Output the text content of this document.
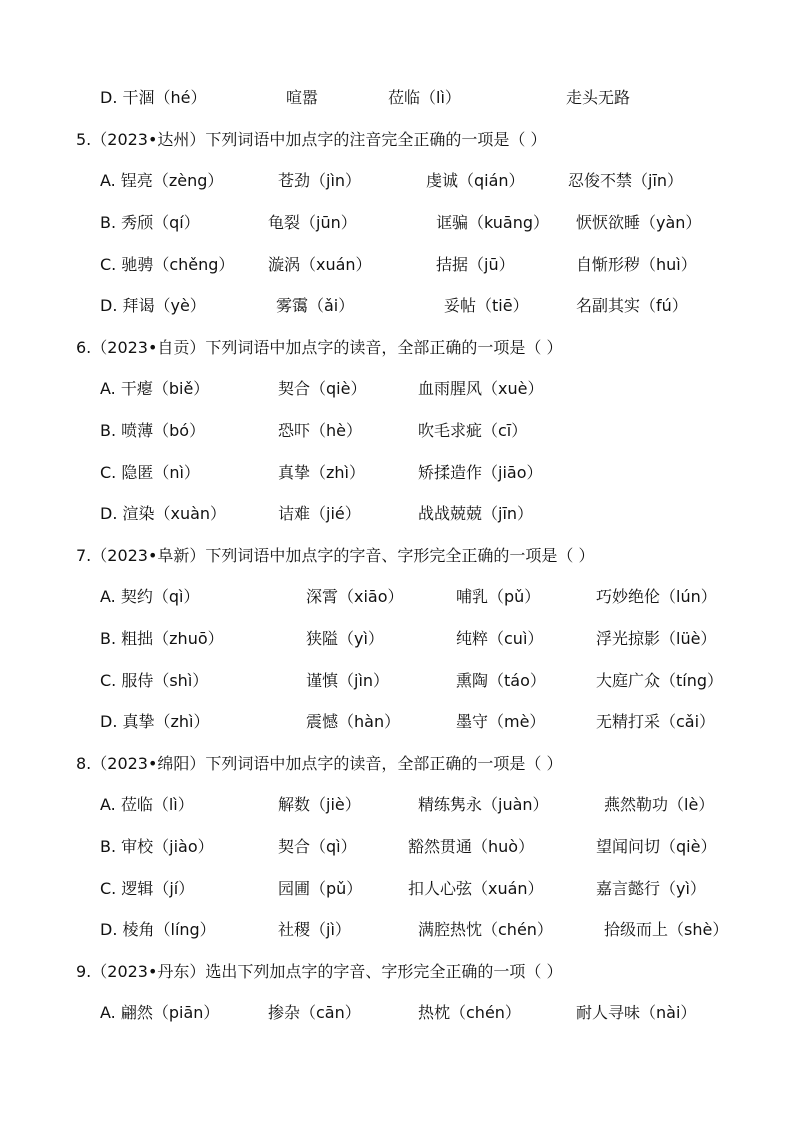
D. 干涸（hé）	喧嚣	莅临（lì）	走头无路
5.（2023•达州）下列词语中加点字的注音完全正确的一项是（ ）
A. 锃亮（zèng）	苍劲（jìn）	虔诚（qián）	忍俊不禁（jīn）
B. 秀颀（qí）	龟裂（jūn）	诓骗（kuāng） 恹恹欲睡（yàn）
C. 驰骋（chěng） 漩涡（xuán）	拮据（jū）	自惭形秽（huì）
D. 拜谒（yè）	雾霭（ǎi）	妥帖（tiē）	名副其实（fú）
6.（2023•自贡）下列词语中加点字的读音，全部正确的一项是（ ）
A. 干瘪（biě）	契合（qiè）	血雨腥风（xuè）
B. 喷薄（bó）	恐吓（hè）	吹毛求疵（cī）
C. 隐匿（nì）	真挚（zhì）	矫揉造作（jiāo）
D. 渲染（xuàn）	诘难（jié）	战战兢兢（jīn）
7.（2023•阜新）下列词语中加点字的字音、字形完全正确的一项是（ ）
A. 契约（qì）	深霄（xiāo）	哺乳（pǔ）	巧妙绝伦（lún）
B. 粗拙（zhuō）	狭隘（yì）	纯粹（cuì）	浮光掠影（lüè）
C. 服侍（shì）	谨慎（jìn）	熏陶（táo）	大庭广众（tíng）
D. 真挚（zhì）	震憾（hàn）	墨守（mè）	无精打采（cǎi）
8.（2023•绵阳）下列词语中加点字的读音，全部正确的一项是（ ）
A. 莅临（lì）	解数（jiè）	精练隽永（juàn）	燕然勒功（lè）
B. 审校（jiào）	契合（qì）	豁然贯通（huò）	望闻问切（qiè）
C. 逻辑（jí）	园圃（pǔ）	扣人心弦（xuán）	嘉言懿行（yì）
D. 棱角（líng）	社稷（jì）	满腔热忱（chén）	拾级而上（shè）
9.（2023•丹东）选出下列加点字的字音、字形完全正确的一项（ ）
A. 翩然（piān）	掺杂（cān）	热枕（chén）	耐人寻味（nài）
